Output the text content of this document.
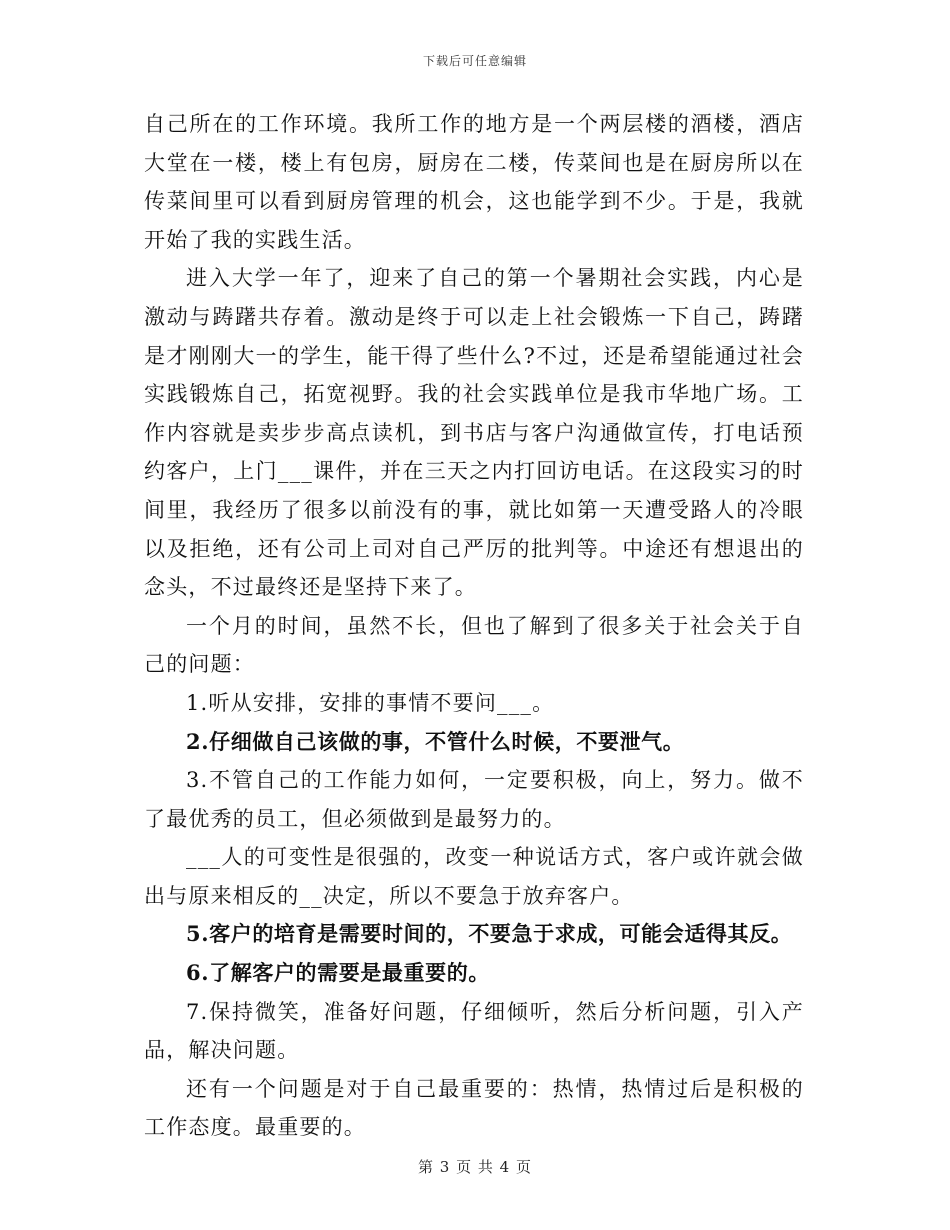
下载后可任意编辑

自己所在的工作环境。我所工作的地方是一个两层楼的酒楼，酒店大堂在一楼，楼上有包房，厨房在二楼，传菜间也是在厨房所以在传菜间里可以看到厨房管理的机会，这也能学到不少。于是，我就开始了我的实践生活。

进入大学一年了，迎来了自己的第一个暑期社会实践，内心是激动与踌躇共存着。激动是终于可以走上社会锻炼一下自己，踌躇是才刚刚大一的学生，能干得了些什么?不过，还是希望能通过社会实践锻炼自己，拓宽视野。我的社会实践单位是我市华地广场。工作内容就是卖步步高点读机，到书店与客户沟通做宣传，打电话预约客户，上门___课件，并在三天之内打回访电话。在这段实习的时间里，我经历了很多以前没有的事，就比如第一天遭受路人的冷眼以及拒绝，还有公司上司对自己严厉的批判等。中途还有想退出的念头，不过最终还是坚持下来了。

一个月的时间，虽然不长，但也了解到了很多关于社会关于自己的问题：

1.听从安排，安排的事情不要问___。

2.仔细做自己该做的事，不管什么时候，不要泄气。

3.不管自己的工作能力如何，一定要积极，向上，努力。做不了最优秀的员工，但必须做到是最努力的。

___人的可变性是很强的，改变一种说话方式，客户或许就会做出与原来相反的__决定，所以不要急于放弃客户。

5.客户的培育是需要时间的，不要急于求成，可能会适得其反。

6.了解客户的需要是最重要的。

7.保持微笑，准备好问题，仔细倾听，然后分析问题，引入产品，解决问题。

还有一个问题是对于自己最重要的：热情，热情过后是积极的工作态度。最重要的。

第 3 页 共 4 页
